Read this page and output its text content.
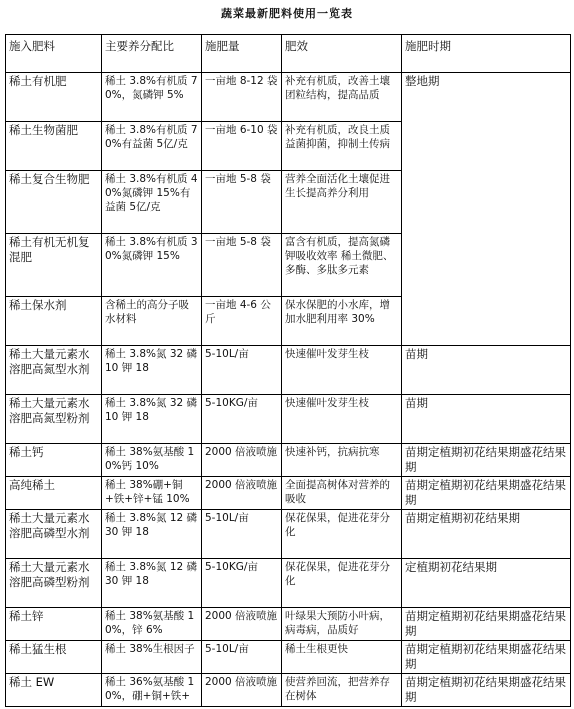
蔬菜最新肥料使用一览表
施入肥料	主要养分配比	施肥量	肥效	施肥时期
稀土有机肥	稀土 3.8%有机质 70%，氮磷钾 5%	一亩地 8-12 袋	补充有机质，改善土壤团粒结构，提高品质	整地期
稀土生物菌肥	稀土 3.8%有机质 70%有益菌 5亿/克	一亩地 6-10 袋	补充有机质，改良土质益菌抑菌，抑制土传病	
稀土复合生物肥	稀土 3.8%有机质 40%氮磷钾 15%有益菌 5亿/克	一亩地 5-8 袋	营养全面活化土壤促进生长提高养分利用	
稀土有机无机复混肥	稀土 3.8%有机质 30%氮磷钾 15%	一亩地 5-8 袋	富含有机质，提高氮磷钾吸收效率 稀土微肥、多酶、多肽多元素	
稀土保水剂	含稀土的高分子吸水材料	一亩地 4-6 公斤	保水保肥的小水库，增加水肥利用率 30%	
稀土大量元素水溶肥高氮型水剂	稀土 3.8%氮 32 磷 10 钾 18	5-10L/亩	快速催叶发芽生枝	苗期
稀土大量元素水溶肥高氮型粉剂	稀土 3.8%氮 32 磷 10 钾 18	5-10KG/亩	快速催叶发芽生枝	苗期
稀土钙	稀土 38%氨基酸 10%钙 10%	2000 倍液喷施	快速补钙，抗病抗寒	苗期定植期初花结果期盛花结果期
高纯稀土	稀土 38%硼+铜+铁+锌+锰 10%	2000 倍液喷施	全面提高树体对营养的吸收	苗期定植期初花结果期盛花结果期
稀土大量元素水溶肥高磷型水剂	稀土 3.8%氮 12 磷 30 钾 18	5-10L/亩	保花保果，促进花芽分化	苗期定植期初花结果期
稀土大量元素水溶肥高磷型粉剂	稀土 3.8%氮 12 磷 30 钾 18	5-10KG/亩	保花保果，促进花芽分化	定植期初花结果期
稀土锌	稀土 38%氨基酸 10%，锌 6%	2000 倍液喷施	叶绿果大预防小叶病，病毒病，品质好	苗期定植期初花结果期盛花结果期
稀土猛生根	稀土 38%生根因子	5-10L/亩	稀土生根更快	苗期定植期初花结果期盛花结果期
稀土 EW	稀土 36%氨基酸 10%，硼+铜+铁+	2000 倍液喷施	使营养回流，把营养存在树体	苗期定植期初花结果期盛花结果期
